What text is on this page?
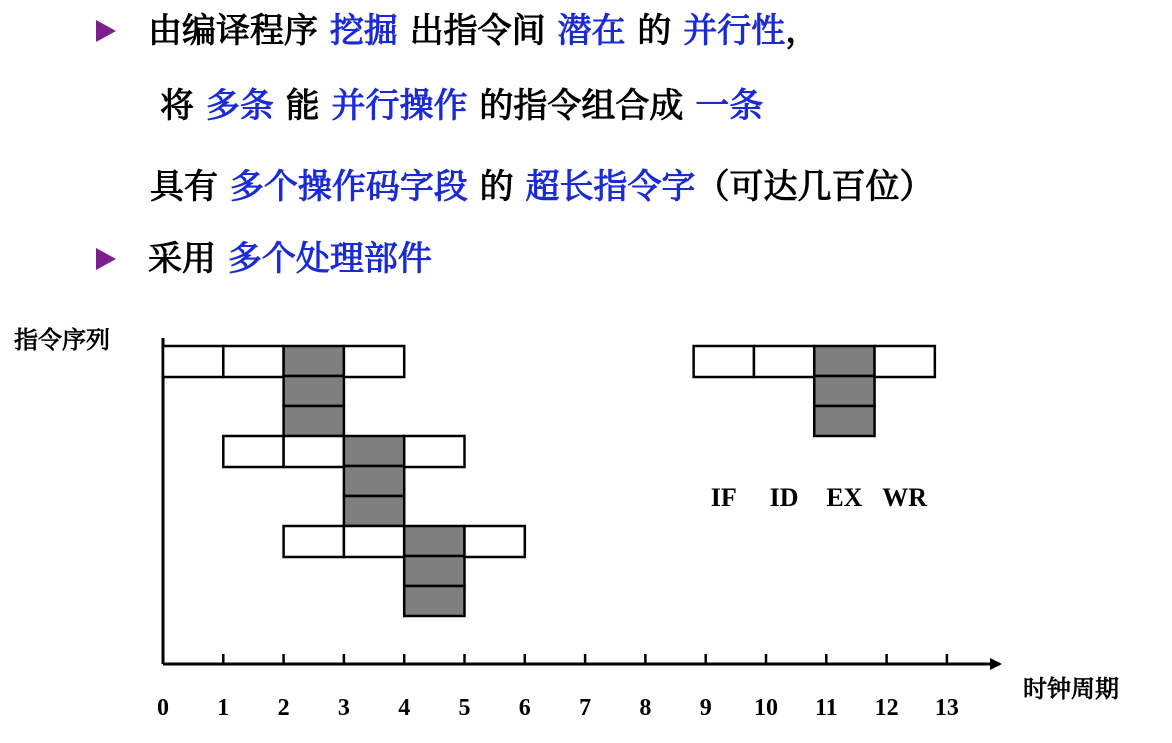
由编译程序 挖掘 出指令间 潜在 的 并行性，
将 多条 能 并行操作 的指令组合成 一条
具有 多个操作码字段 的 超长指令字（可达几百位）
采用 多个处理部件
指令序列
时钟周期
0 1 2 3 4 5 6 7 8 9 10 11 12 13
IF ID EX WR
